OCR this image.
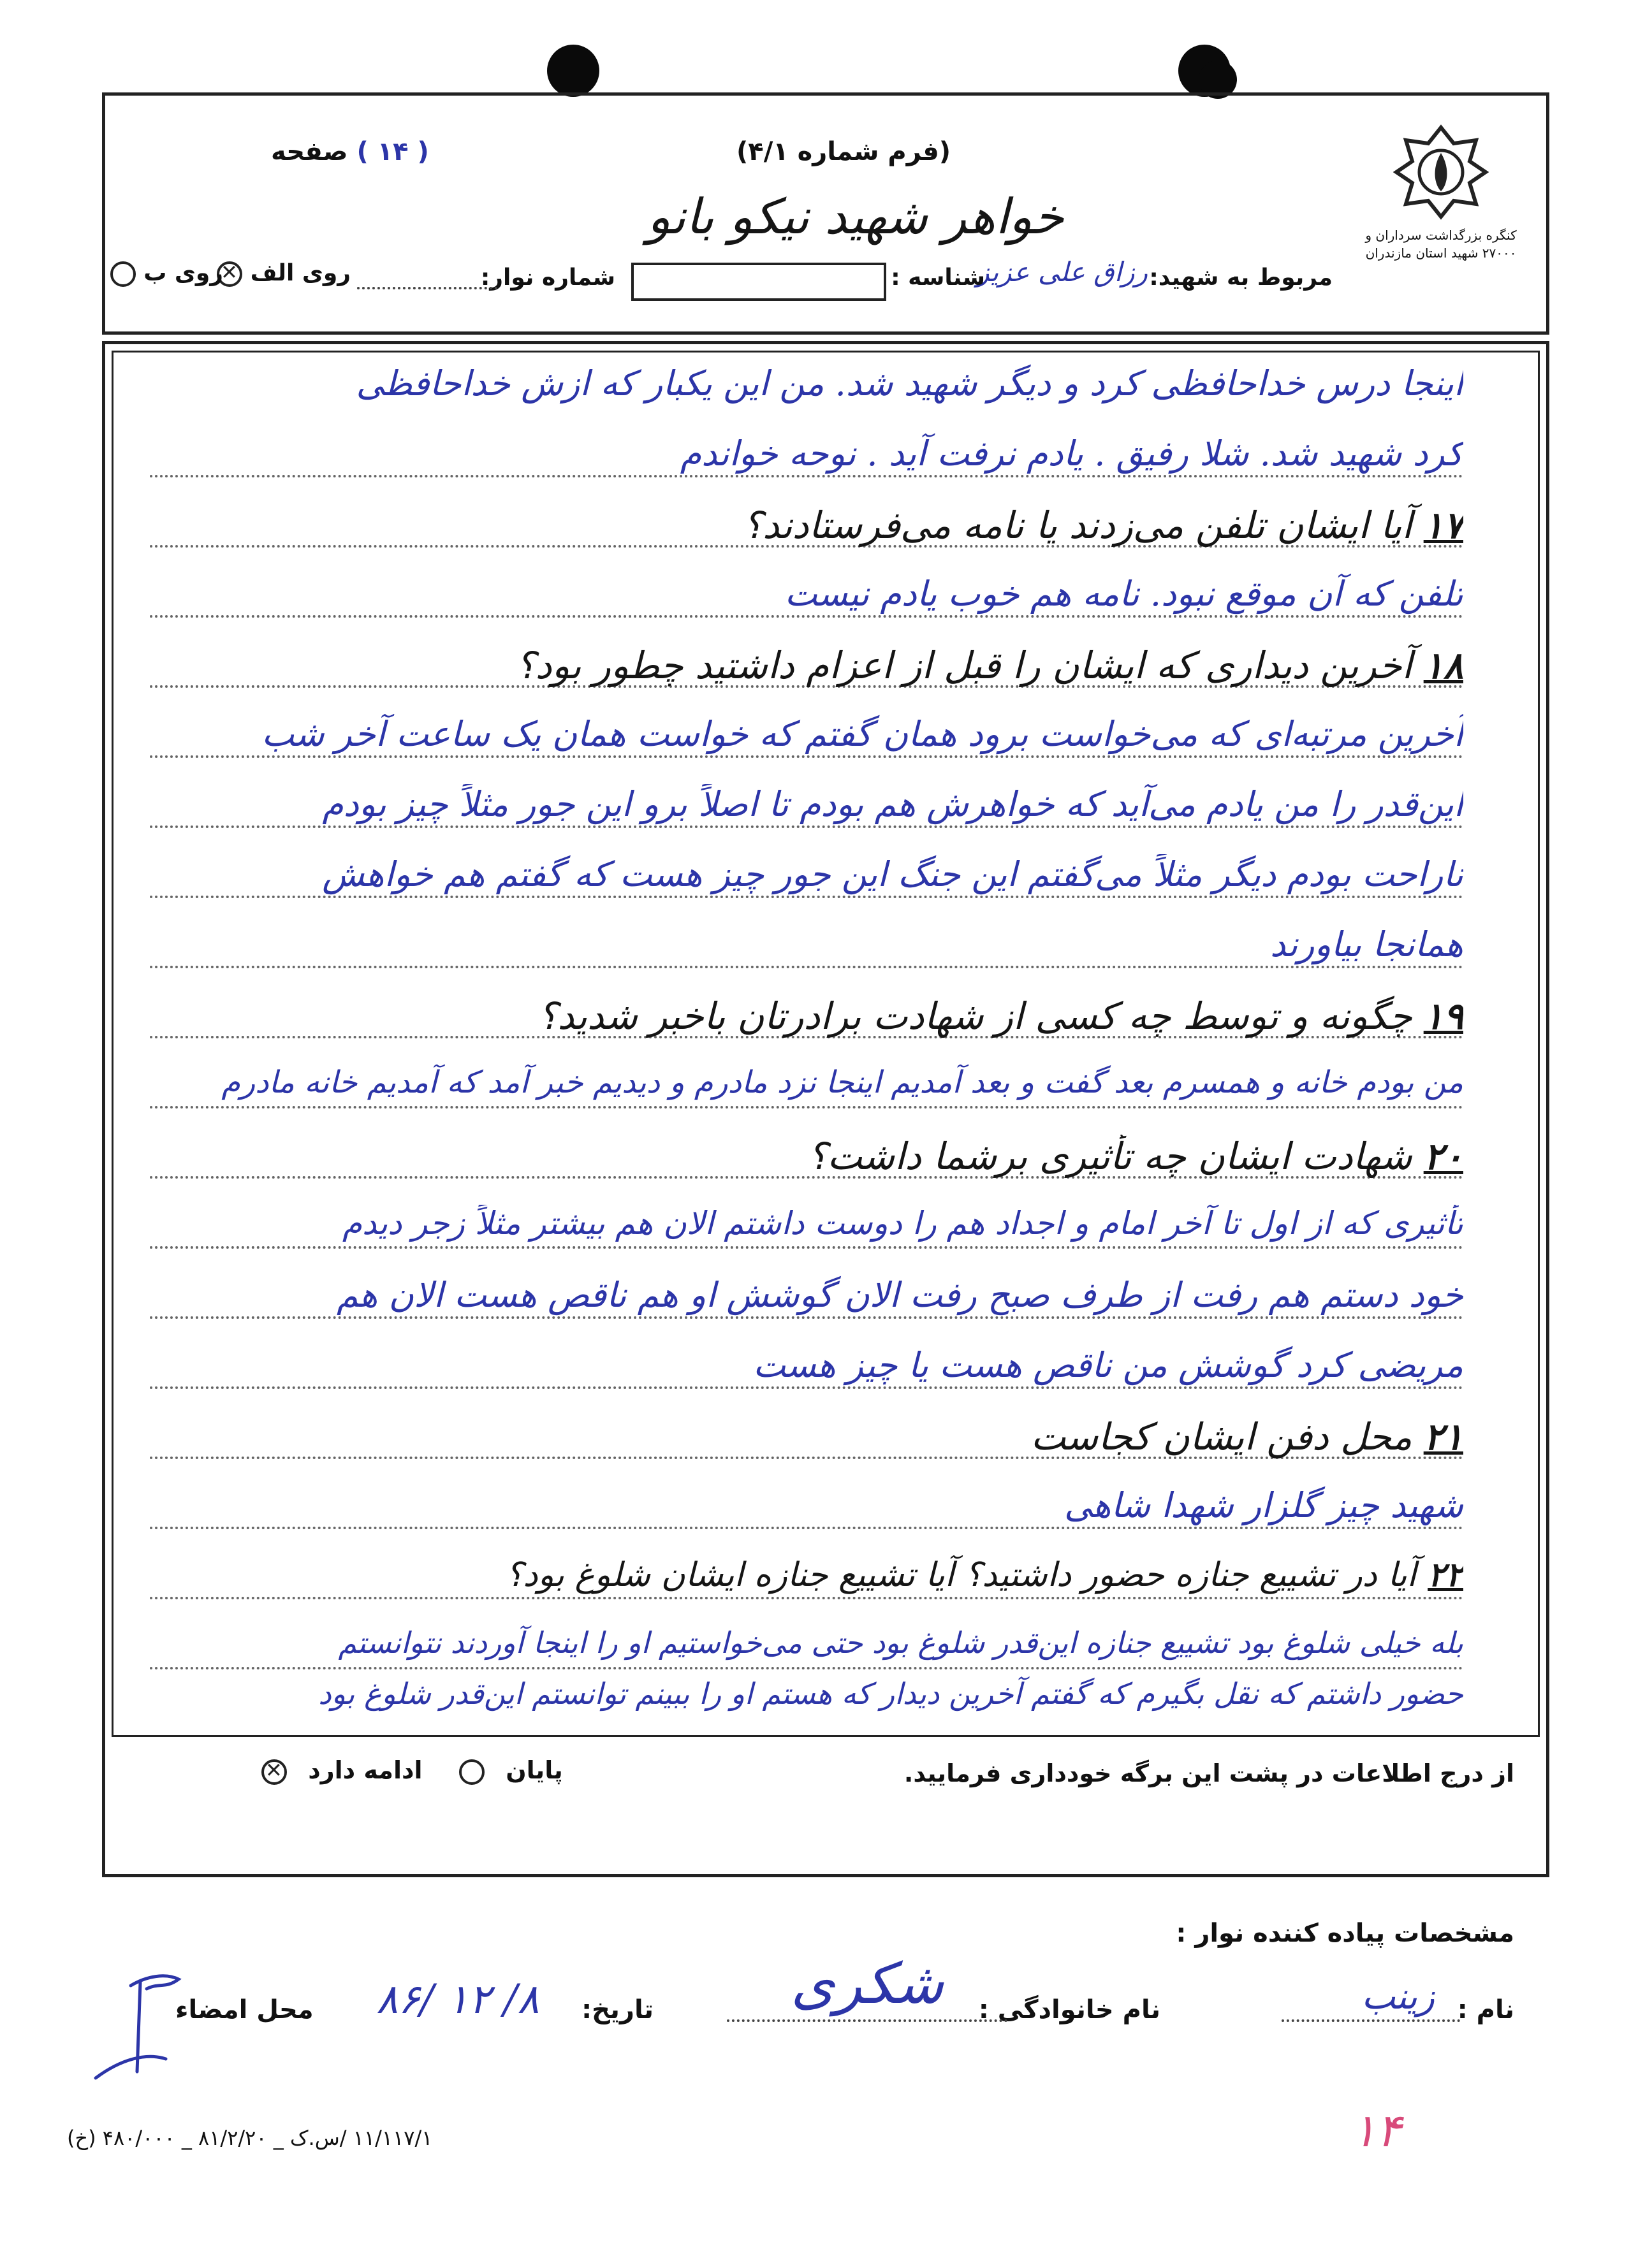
کنگره بزرگداشت سرداران و ۲۷۰۰۰ شهید استان مازندران
( ۱۴ ) صفحه	(فرم شماره ۴/۱)
خواهر شهید نیکو بانو
مربوط به شهید:
رزاق علی عزیز
شناسه :
شماره نوار:
روی الف ✕
روی ب
اینجا درس خداحافظی کرد و دیگر شهید شد. من این یکبار که ازش خداحافظی
کرد شهید شد. شلا رفیق . یادم نرفت آید . نوحه خواندم
۱۷آیا ایشان تلفن می‌زدند یا نامه می‌فرستادند؟
تلفن که آن موقع نبود. نامه هم خوب یادم نیست
۱۸آخرین دیداری که ایشان را قبل از اعزام داشتید چطور بود؟
آخرین مرتبه‌ای که می‌خواست برود همان گفتم که خواست همان یک ساعت آخر شب
این‌قدر را من یادم می‌آید که خواهرش هم بودم تا اصلاً برو این جور مثلاً چیز بودم
ناراحت بودم دیگر مثلاً می‌گفتم این جنگ این جور چیز هست که گفتم هم خواهش
همانجا بیاورند
۱۹چگونه و توسط چه کسی از شهادت برادرتان باخبر شدید؟
من بودم خانه و همسرم بعد گفت و بعد آمدیم اینجا نزد مادرم و دیدیم خبر آمد که آمدیم خانه مادرم
۲۰شهادت ایشان چه تأثیری برشما داشت؟
تأثیری که از اول تا آخر امام و اجداد هم را دوست داشتم الان هم بیشتر مثلاً زجر دیدم
خود دستم هم رفت از طرف صبح رفت الان گوشش او هم ناقص هست الان هم
مریضی کرد گوشش من ناقص هست یا چیز هست
۲۱محل دفن ایشان کجاست
شهید چیز گلزار شهدا شاهی
۲۲آیا در تشییع جنازه حضور داشتید؟ آیا تشییع جنازه ایشان شلوغ بود؟
بله خیلی شلوغ بود تشییع جنازه این‌قدر شلوغ بود حتی می‌خواستیم او را اینجا آوردند نتوانستم
حضور داشتم که نقل بگیرم که گفتم آخرین دیدار که هستم او را ببینم توانستم این‌قدر شلوغ بود
از درج اطلاعات در پشت این برگه خودداری فرمایید.
پایان
ادامه دارد ✕
مشخصات پیاده کننده نوار :
نام :
زینب
نام خانوادگی :
شکری
تاریخ:
۸۶/ ۱۲ /۸
محل امضاء
۱۱/۱۱۷/۱ /س.ک _ ۸۱/۲/۲۰ _ ۴۸۰/۰۰۰ (خ)	۱۴
